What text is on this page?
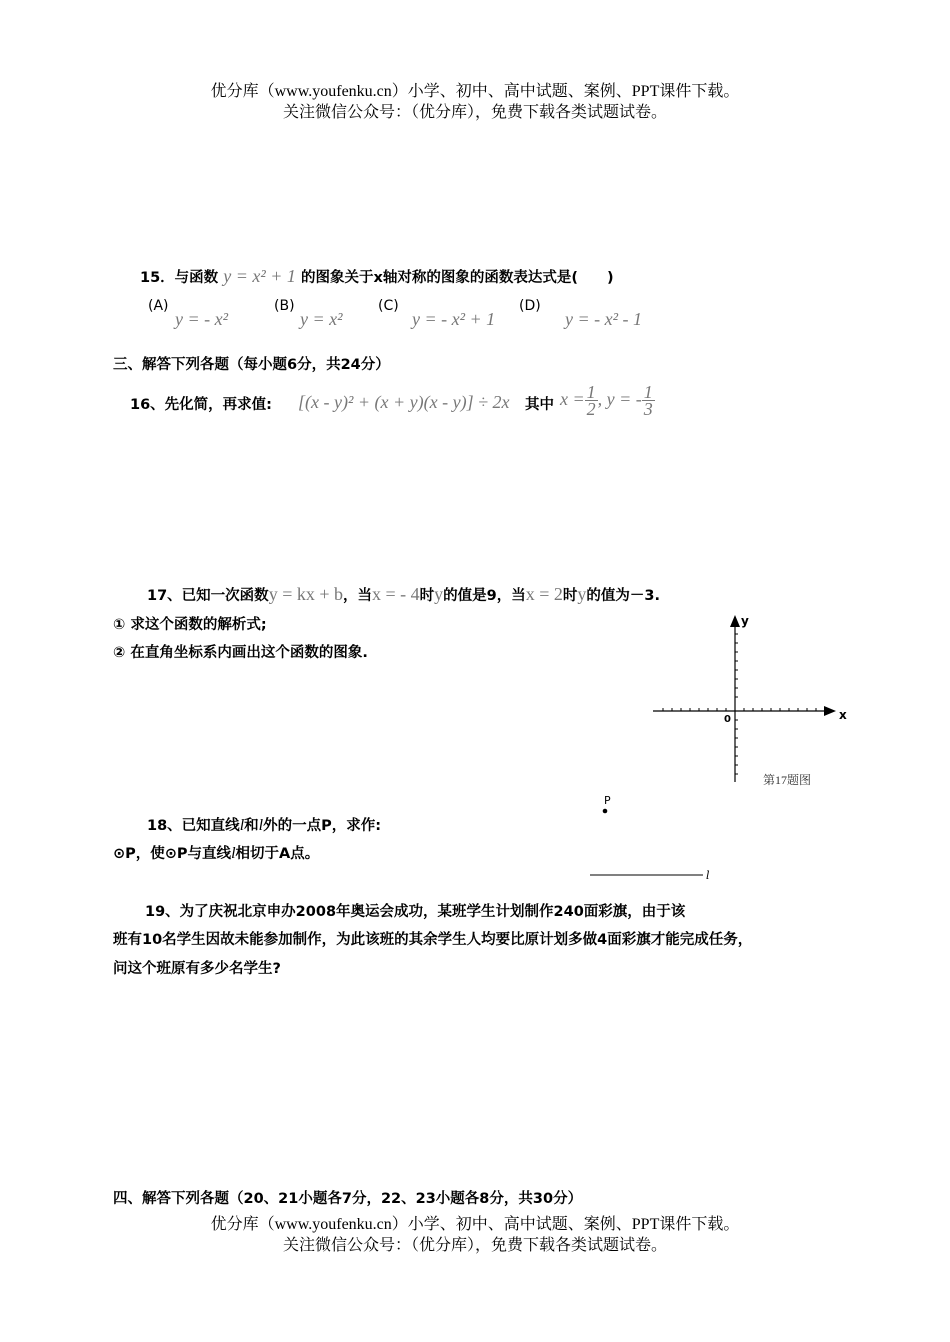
优分库（www.youfenku.cn）小学、初中、高中试题、案例、PPT课件下载。
关注微信公众号：（优分库），免费下载各类试题试卷。
15．与函数 y = x² + 1 的图象关于x轴对称的图象的函数表达式是(　　)
(A)
y = - x²
(B)
y = x²
(C)
y = - x² + 1
(D)
y = - x² - 1
三、解答下列各题（每小题6分，共24分）
16、先化简，再求值: [(x - y)² + (x + y)(x - y)] ÷ 2x 其中 $x = \frac{1}{2}$ , y = - $\frac{1}{3}$
17、已知一次函数y = kx + b，当x = - 4时y的值是9，当x = 2时y的值为－3.
① 求这个函数的解析式;
② 在直角坐标系内画出这个函数的图象.
y
x
0
第17题图
18、已知直线l和l外的一点P，求作:
⊙P，使⊙P与直线l相切于A点。
l
P
19、为了庆祝北京申办2008年奥运会成功，某班学生计划制作240面彩旗，由于该
班有10名学生因故未能参加制作，为此该班的其余学生人均要比原计划多做4面彩旗才能完成任务，
问这个班原有多少名学生?
四、解答下列各题（20、21小题各7分，22、23小题各8分，共30分）
优分库（www.youfenku.cn）小学、初中、高中试题、案例、PPT课件下载。
关注微信公众号：（优分库），免费下载各类试题试卷。
